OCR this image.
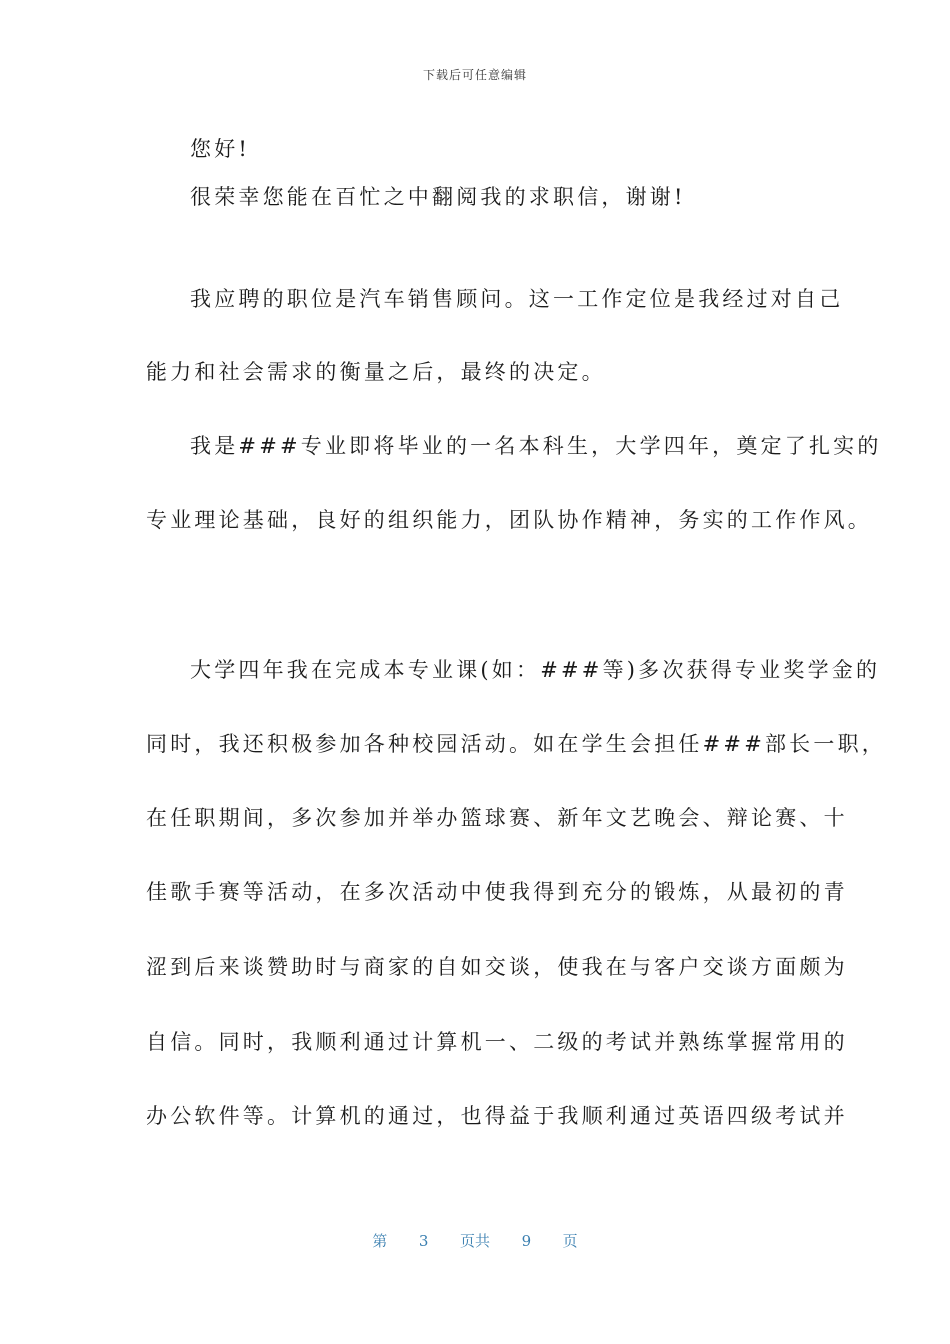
下载后可任意编辑
您好!
很荣幸您能在百忙之中翻阅我的求职信，谢谢!
我应聘的职位是汽车销售顾问。这一工作定位是我经过对自己
能力和社会需求的衡量之后，最终的决定。
我是###专业即将毕业的一名本科生，大学四年，奠定了扎实的
专业理论基础，良好的组织能力，团队协作精神，务实的工作作风。
大学四年我在完成本专业课(如：###等)多次获得专业奖学金的
同时，我还积极参加各种校园活动。如在学生会担任###部长一职，
在任职期间，多次参加并举办篮球赛、新年文艺晚会、辩论赛、十
佳歌手赛等活动，在多次活动中使我得到充分的锻炼，从最初的青
涩到后来谈赞助时与商家的自如交谈，使我在与客户交谈方面颇为
自信。同时，我顺利通过计算机一、二级的考试并熟练掌握常用的
办公软件等。计算机的通过，也得益于我顺利通过英语四级考试并
第 3 页共 9 页
